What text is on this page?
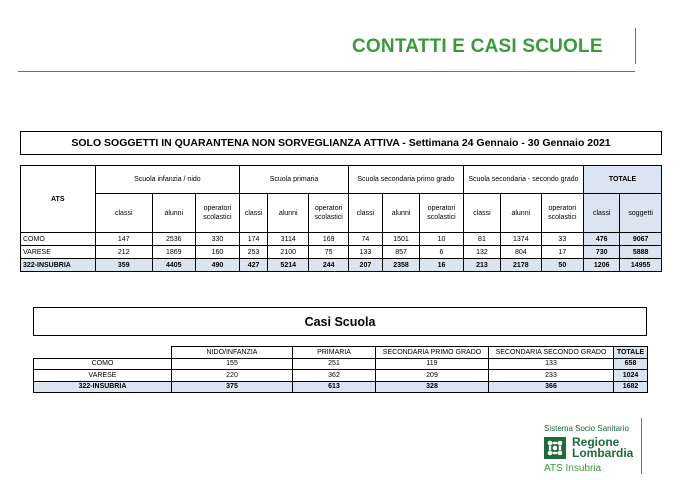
CONTATTI E CASI SCUOLE
SOLO SOGGETTI IN QUARANTENA NON SORVEGLIANZA ATTIVA - Settimana 24 Gennaio - 30 Gennaio 2021
ATS	Scuola infanzia / nido			Scuola primaria			Scuola secondaria primo grado			Scuola secondaria - secondo grado			TOTALE	
	classi	alunni	operatori scolastici	classi	alunni	operatori scolastici	classi	alunni	operatori scolastici	classi	alunni	operatori scolastici	classi	soggetti
COMO	147	2536	330	174	3114	169	74	1501	10	81	1374	33	476	9067
VARESE	212	1869	160	253	2100	75	133	857	6	132	804	17	730	5888
322-INSUBRIA	359	4405	490	427	5214	244	207	2358	16	213	2178	50	1206	14955
Casi Scuola
	NIDO/INFANZIA	PRIMARIA	SECONDARIA PRIMO GRADO	SECONDARIA SECONDO GRADO	TOTALE
COMO	155	251	119	133	658
VARESE	220	362	209	233	1024
322-INSUBRIA	375	613	328	366	1682
Sistema Socio Sanitario
Regione
Lombardia
ATS Insubria
